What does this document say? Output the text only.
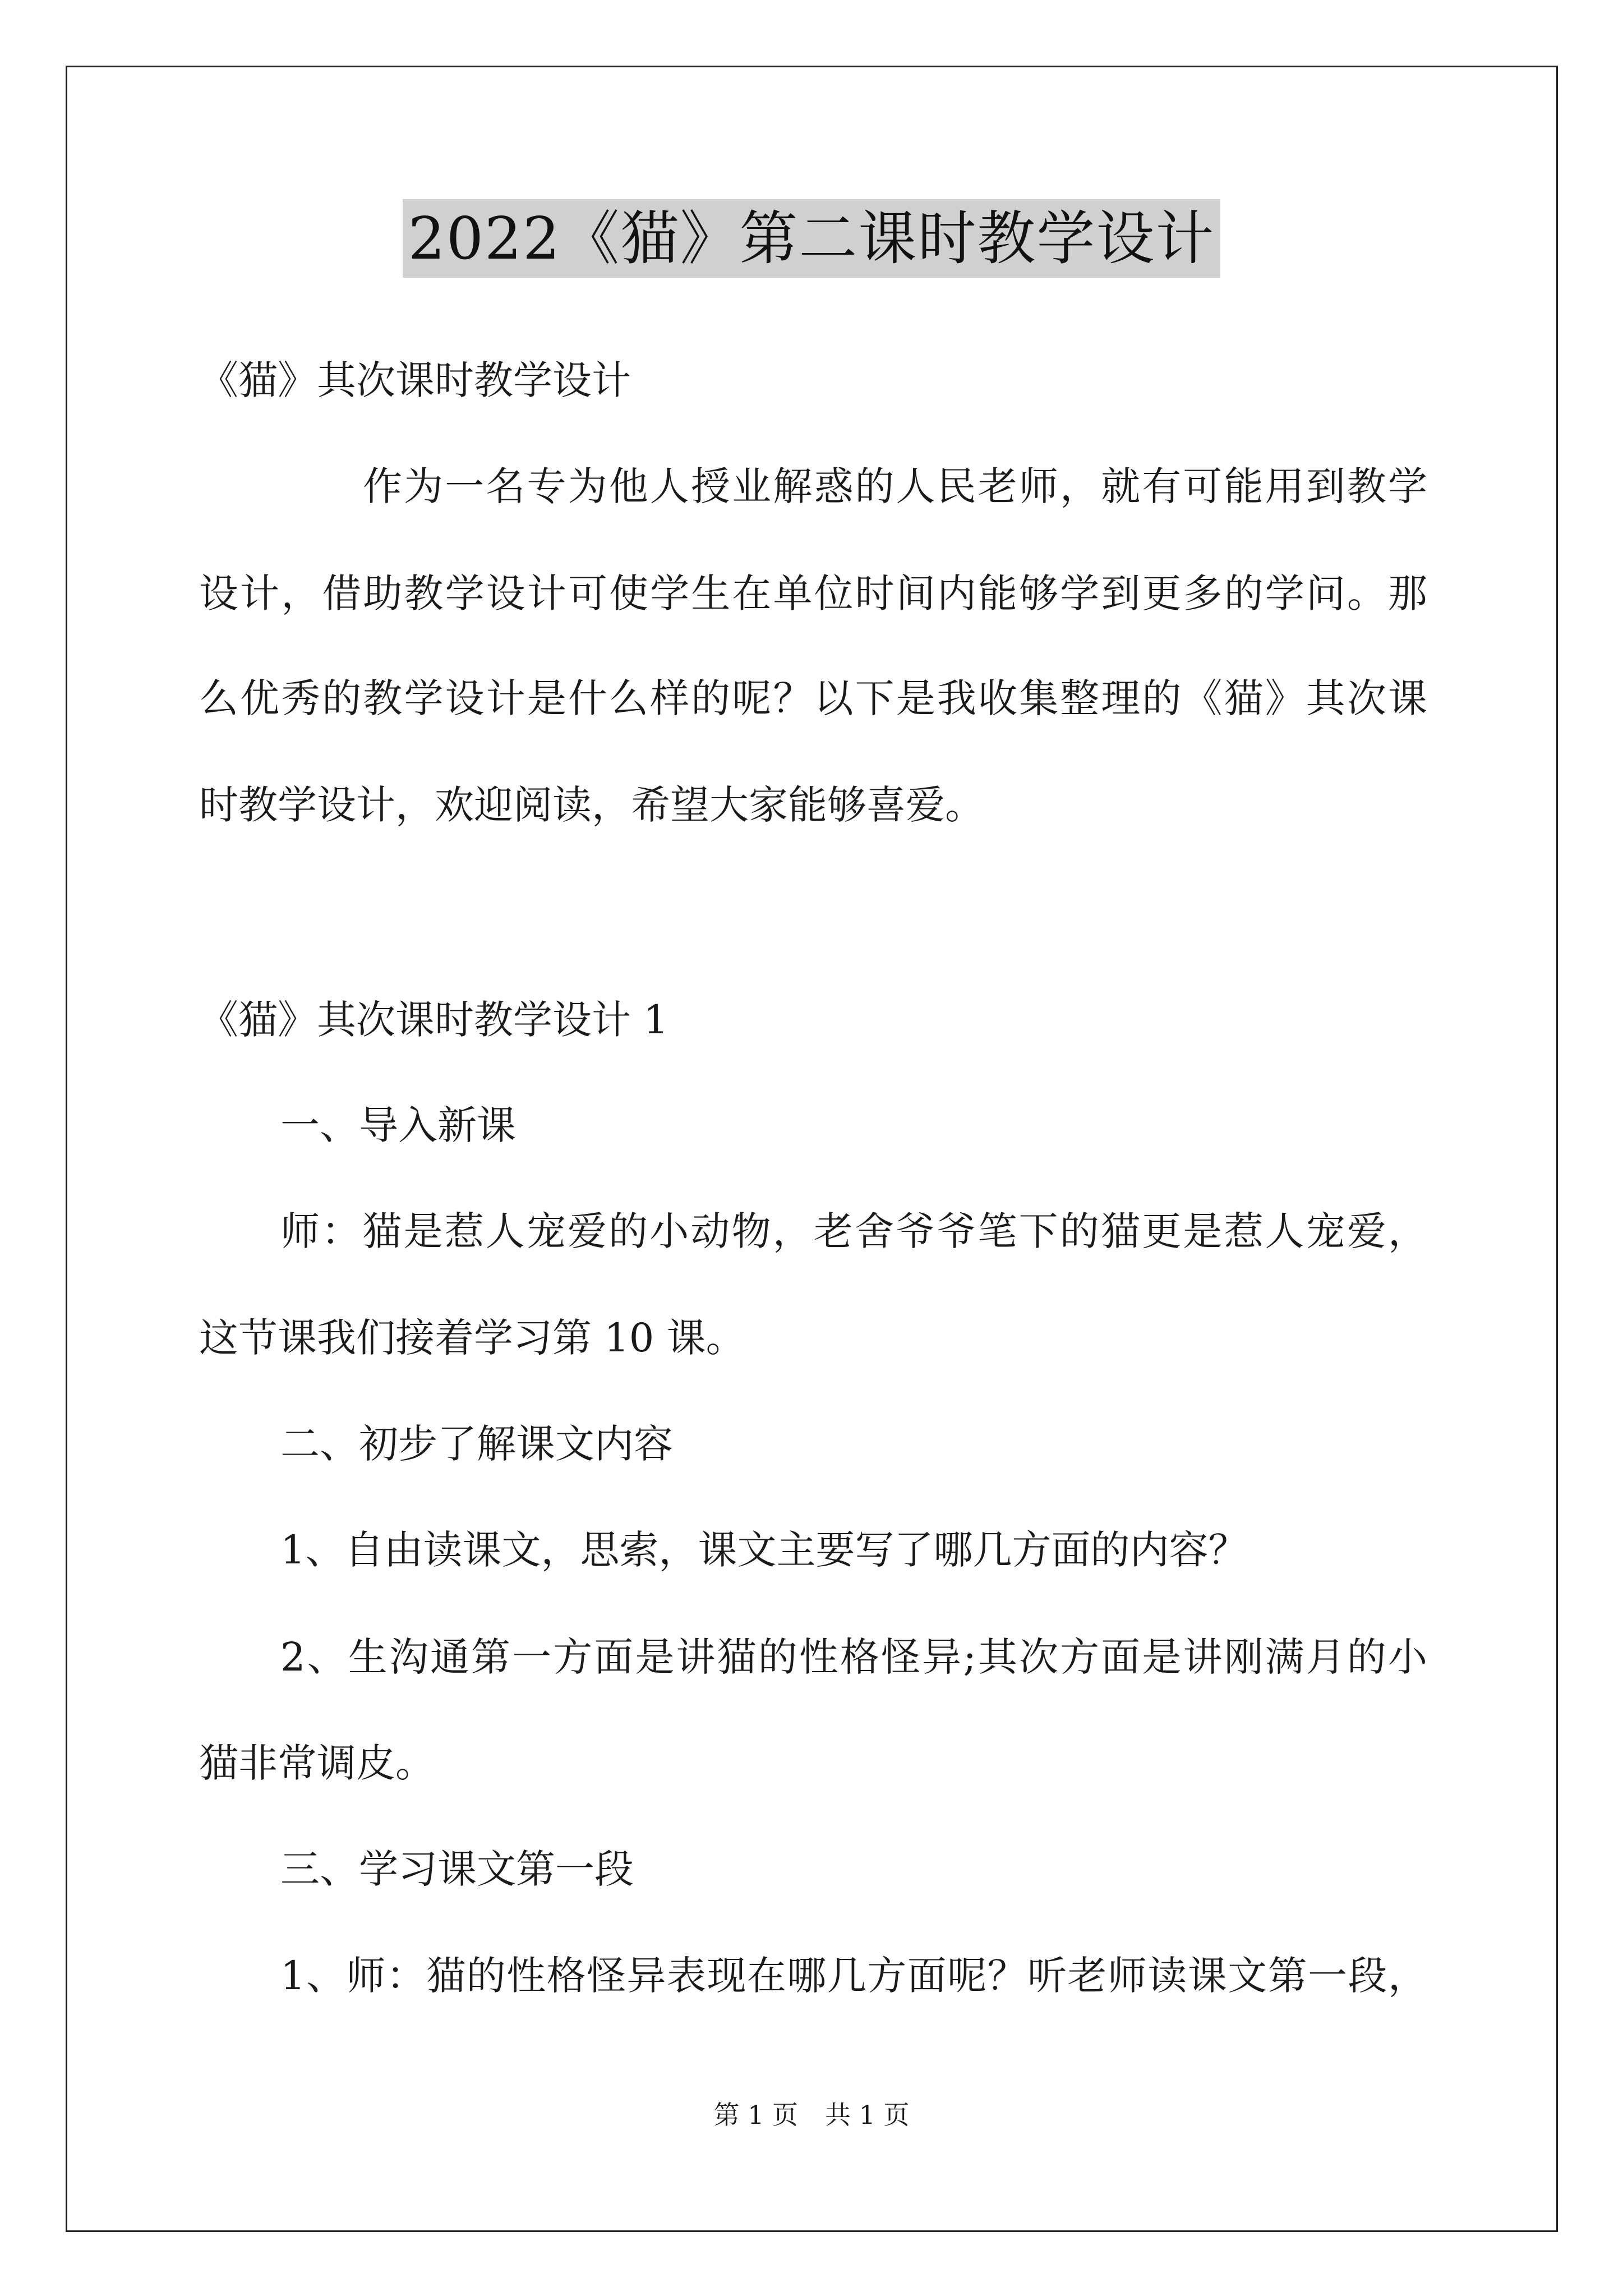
2022《猫》第二课时教学设计
《猫》其次课时教学设计
作为一名专为他人授业解惑的人民老师，就有可能用到教学
设计，借助教学设计可使学生在单位时间内能够学到更多的学问。那
么优秀的教学设计是什么样的呢？以下是我收集整理的《猫》其次课
时教学设计，欢迎阅读，希望大家能够喜爱。
《猫》其次课时教学设计 1
一、导入新课
师：猫是惹人宠爱的小动物，老舍爷爷笔下的猫更是惹人宠爱，
这节课我们接着学习第 10 课。
二、初步了解课文内容
1、自由读课文，思索，课文主要写了哪几方面的内容？
2、生沟通第一方面是讲猫的性格怪异;其次方面是讲刚满月的小
猫非常调皮。
三、学习课文第一段
1、师：猫的性格怪异表现在哪几方面呢？听老师读课文第一段，
第 1 页 共 1 页
